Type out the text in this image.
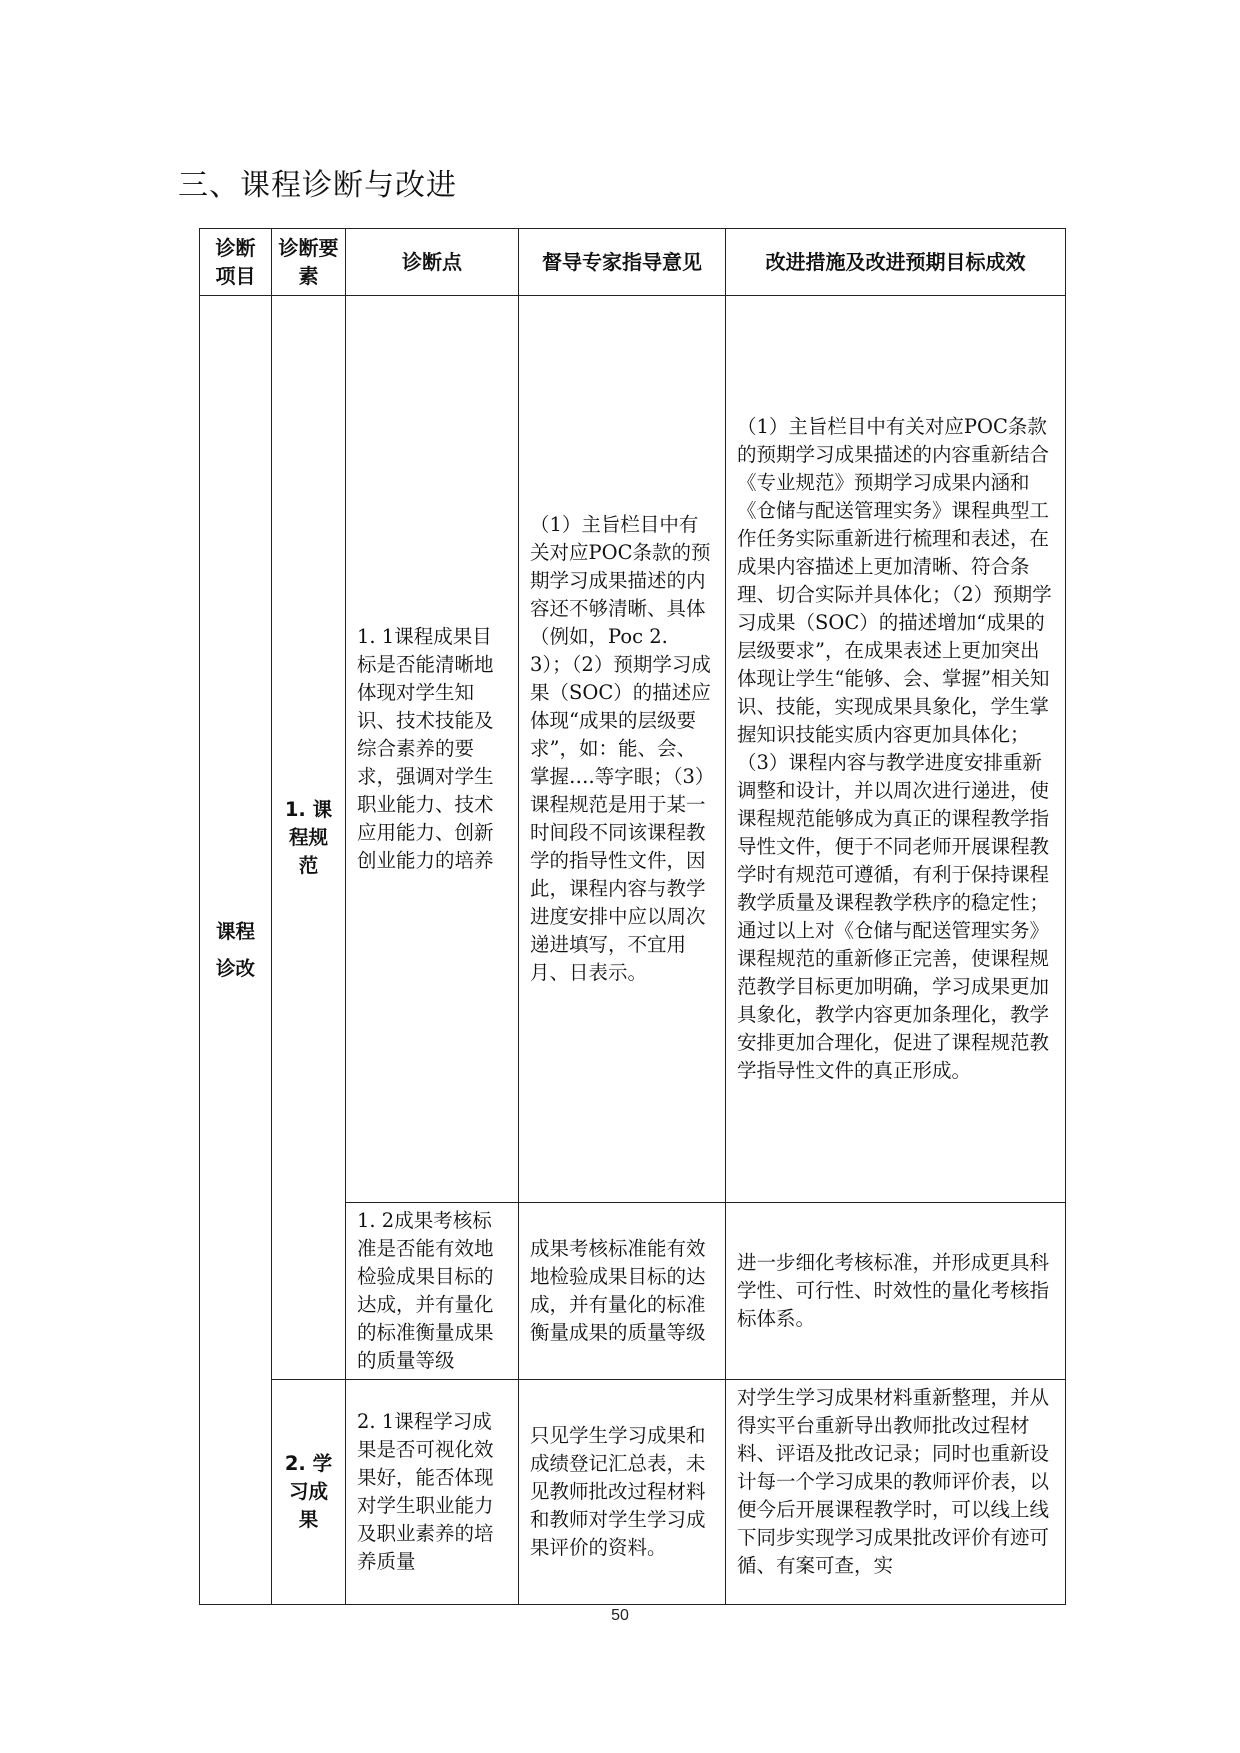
三、课程诊断与改进
诊断项目	诊断要素	诊断点	督导专家指导意见	改进措施及改进预期目标成效
课程诊改	1. 课程规范	1. 1课程成果目标是否能清晰地体现对学生知识、技术技能及综合素养的要求，强调对学生职业能力、技术应用能力、创新创业能力的培养	（1）主旨栏目中有关对应POC条款的预期学习成果描述的内容还不够清晰、具体（例如，Poc 2. 3）；（2）预期学习成果（SOC）的描述应体现“成果的层级要求”，如：能、会、掌握….等字眼；（3）课程规范是用于某一时间段不同该课程教学的指导性文件，因此，课程内容与教学进度安排中应以周次递进填写，不宜用月、日表示。	（1）主旨栏目中有关对应POC条款的预期学习成果描述的内容重新结合《专业规范》预期学习成果内涵和《仓储与配送管理实务》课程典型工作任务实际重新进行梳理和表述，在成果内容描述上更加清晰、符合条理、切合实际并具体化；（2）预期学习成果（SOC）的描述增加“成果的层级要求”，在成果表述上更加突出体现让学生“能够、会、掌握”相关知识、技能，实现成果具象化，学生掌握知识技能实质内容更加具体化；（3）课程内容与教学进度安排重新调整和设计，并以周次进行递进，使课程规范能够成为真正的课程教学指导性文件，便于不同老师开展课程教学时有规范可遵循，有利于保持课程教学质量及课程教学秩序的稳定性；通过以上对《仓储与配送管理实务》课程规范的重新修正完善，使课程规范教学目标更加明确，学习成果更加具象化，教学内容更加条理化，教学安排更加合理化，促进了课程规范教学指导性文件的真正形成。
		1. 2成果考核标准是否能有效地检验成果目标的达成，并有量化的标准衡量成果的质量等级	成果考核标准能有效地检验成果目标的达成，并有量化的标准衡量成果的质量等级	进一步细化考核标准，并形成更具科学性、可行性、时效性的量化考核指标体系。
	2. 学习成果	2. 1课程学习成果是否可视化效果好，能否体现对学生职业能力及职业素养的培养质量	只见学生学习成果和成绩登记汇总表，未见教师批改过程材料和教师对学生学习成果评价的资料。	对学生学习成果材料重新整理，并从得实平台重新导出教师批改过程材料、评语及批改记录；同时也重新设计每一个学习成果的教师评价表，以便今后开展课程教学时，可以线上线下同步实现学习成果批改评价有迹可循、有案可查，实
50
